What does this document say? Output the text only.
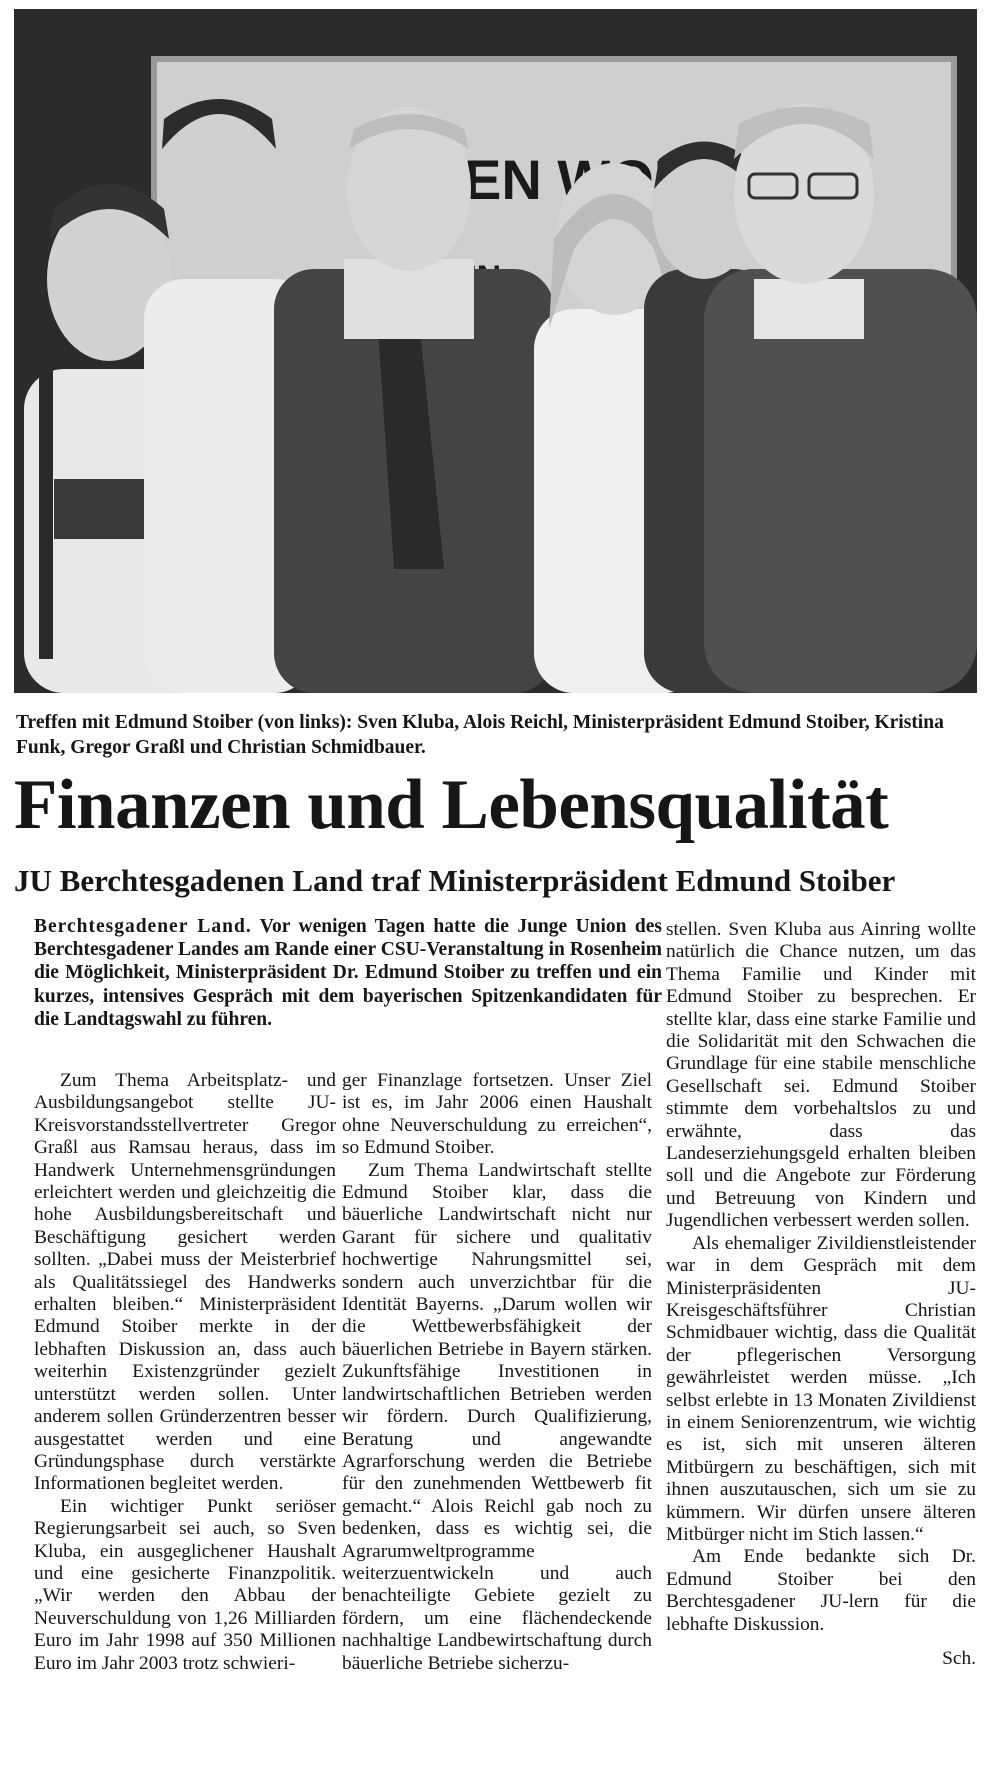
EN

Treffen mit Edmund Stoiber (von links): Sven Kluba, Alois Reichl, Ministerpräsident Edmund Stoiber, Kristina Funk, Gregor Graßl und Christian Schmidbauer.

Finanzen und Lebensqualität
JU Berchtesgadenen Land traf Ministerpräsident Edmund Stoiber

Berchtesgadener Land. Vor wenigen Tagen hatte die Junge Union des Berchtesgadener Landes am Rande einer CSU-Veranstaltung in Rosenheim die Möglichkeit, Ministerpräsident Dr. Edmund Stoiber zu treffen und ein kurzes, intensives Gespräch mit dem bayerischen Spitzenkandidaten für die Landtagswahl zu führen.

Zum Thema Arbeitsplatz- und Ausbildungsangebot stellte JU-Kreisvorstandsstellvertreter Gregor Graßl aus Ramsau heraus, dass im Handwerk Unternehmensgründungen erleichtert werden und gleichzeitig die hohe Ausbildungsbereitschaft und Beschäftigung gesichert werden sollten. „Dabei muss der Meisterbrief als Qualitätssiegel des Handwerks erhalten bleiben.“ Ministerpräsident Edmund Stoiber merkte in der lebhaften Diskussion an, dass auch weiterhin Existenzgründer gezielt unterstützt werden sollen. Unter anderem sollen Gründerzentren besser ausgestattet werden und eine Gründungsphase durch verstärkte Informationen begleitet werden.

Ein wichtiger Punkt seriöser Regierungsarbeit sei auch, so Sven Kluba, ein ausgeglichener Haushalt und eine gesicherte Finanzpolitik. „Wir werden den Abbau der Neuverschuldung von 1,26 Milliarden Euro im Jahr 1998 auf 350 Millionen Euro im Jahr 2003 trotz schwieri-

ger Finanzlage fortsetzen. Unser Ziel ist es, im Jahr 2006 einen Haushalt ohne Neuverschuldung zu erreichen“, so Edmund Stoiber.

Zum Thema Landwirtschaft stellte Edmund Stoiber klar, dass die bäuerliche Landwirtschaft nicht nur Garant für sichere und qualitativ hochwertige Nahrungsmittel sei, sondern auch unverzichtbar für die Identität Bayerns. „Darum wollen wir die Wettbewerbsfähigkeit der bäuerlichen Betriebe in Bayern stärken. Zukunftsfähige Investitionen in landwirtschaftlichen Betrieben werden wir fördern. Durch Qualifizierung, Beratung und angewandte Agrarforschung werden die Betriebe für den zunehmenden Wettbewerb fit gemacht.“ Alois Reichl gab noch zu bedenken, dass es wichtig sei, die Agrarumweltprogramme weiterzuentwickeln und auch benachteiligte Gebiete gezielt zu fördern, um eine flächendeckende nachhaltige Landbewirtschaftung durch bäuerliche Betriebe sicherzu-

stellen. Sven Kluba aus Ainring wollte natürlich die Chance nutzen, um das Thema Familie und Kinder mit Edmund Stoiber zu besprechen. Er stellte klar, dass eine starke Familie und die Solidarität mit den Schwachen die Grundlage für eine stabile menschliche Gesellschaft sei. Edmund Stoiber stimmte dem vorbehaltslos zu und erwähnte, dass das Landeserziehungsgeld erhalten bleiben soll und die Angebote zur Förderung und Betreuung von Kindern und Jugendlichen verbessert werden sollen.

Als ehemaliger Zivildienstleistender war in dem Gespräch mit dem Ministerpräsidenten JU-Kreisgeschäftsführer Christian Schmidbauer wichtig, dass die Qualität der pflegerischen Versorgung gewährleistet werden müsse. „Ich selbst erlebte in 13 Monaten Zivildienst in einem Seniorenzentrum, wie wichtig es ist, sich mit unseren älteren Mitbürgern zu beschäftigen, sich mit ihnen auszutauschen, sich um sie zu kümmern. Wir dürfen unsere älteren Mitbürger nicht im Stich lassen.“

Am Ende bedankte sich Dr. Edmund Stoiber bei den Berchtesgadener JU-lern für die lebhafte Diskussion.

Sch.
